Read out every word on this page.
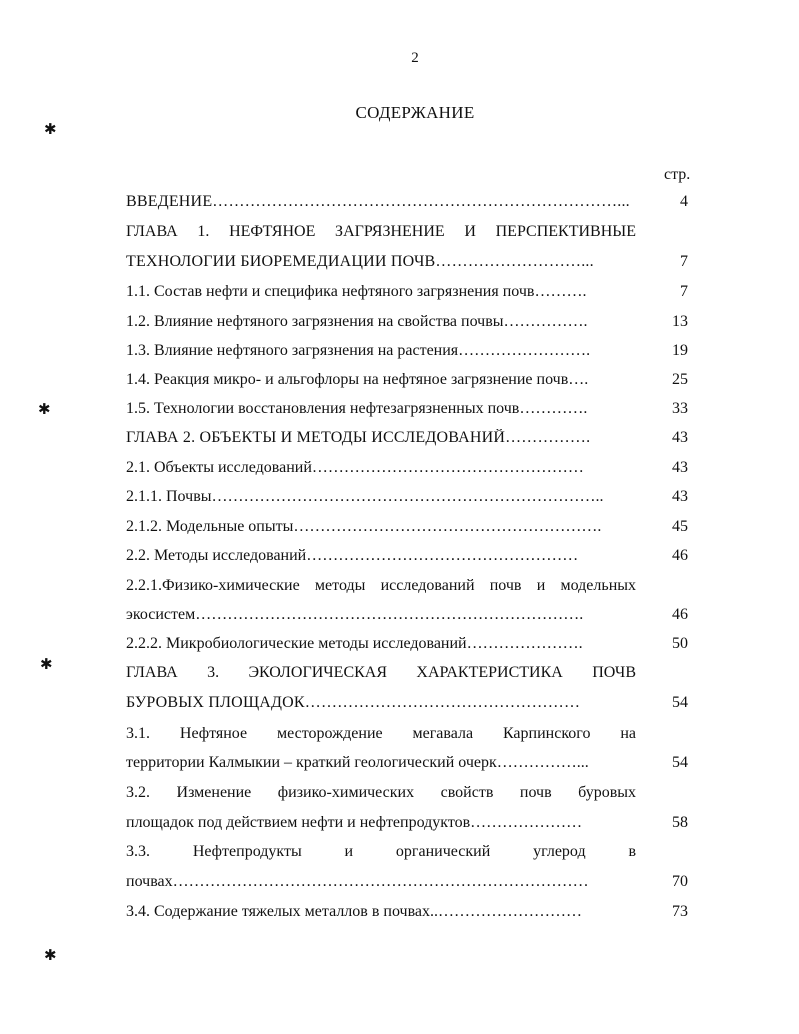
2
СОДЕРЖАНИЕ
стр.
✱
✱
✱
✱
ВВЕДЕНИЕ…………………………………………………………………...	4
ГЛАВА 1. НЕФТЯНОЕ ЗАГРЯЗНЕНИЕ И ПЕРСПЕКТИВНЫЕ
ТЕХНОЛОГИИ БИОРЕМЕДИАЦИИ ПОЧВ………………………...	7
1.1. Состав нефти и специфика нефтяного загрязнения почв……….	7
1.2. Влияние нефтяного загрязнения на свойства почвы…………….	13
1.3. Влияние нефтяного загрязнения на растения…………………….	19
1.4. Реакция микро- и альгофлоры на нефтяное загрязнение почв….	25
1.5. Технологии восстановления нефтезагрязненных почв………….	33
ГЛАВА 2. ОБЪЕКТЫ И МЕТОДЫ ИССЛЕДОВАНИЙ…………….	43
2.1. Объекты исследований……………………………………………	43
2.1.1. Почвы………………………………………………………………..	43
2.1.2. Модельные опыты………………………………………………….	45
2.2. Методы исследований……………………………………………	46
2.2.1.Физико-химические методы исследований почв и модельных
экосистем……………………………………………………………….	46
2.2.2. Микробиологические методы исследований………………….	50
ГЛАВА 3. ЭКОЛОГИЧЕСКАЯ ХАРАКТЕРИСТИКА ПОЧВ
БУРОВЫХ ПЛОЩАДОК……………………………………………	54
3.1. Нефтяное месторождение мегавала Карпинского на
территории Калмыкии – краткий геологический очерк……………...	54
3.2. Изменение физико-химических свойств почв буровых
площадок под действием нефти и нефтепродуктов…………………	58
3.3. Нефтепродукты и органический углерод в
почвах……………………………………………………………………	70
3.4. Содержание тяжелых металлов в почвах..………………………	73
